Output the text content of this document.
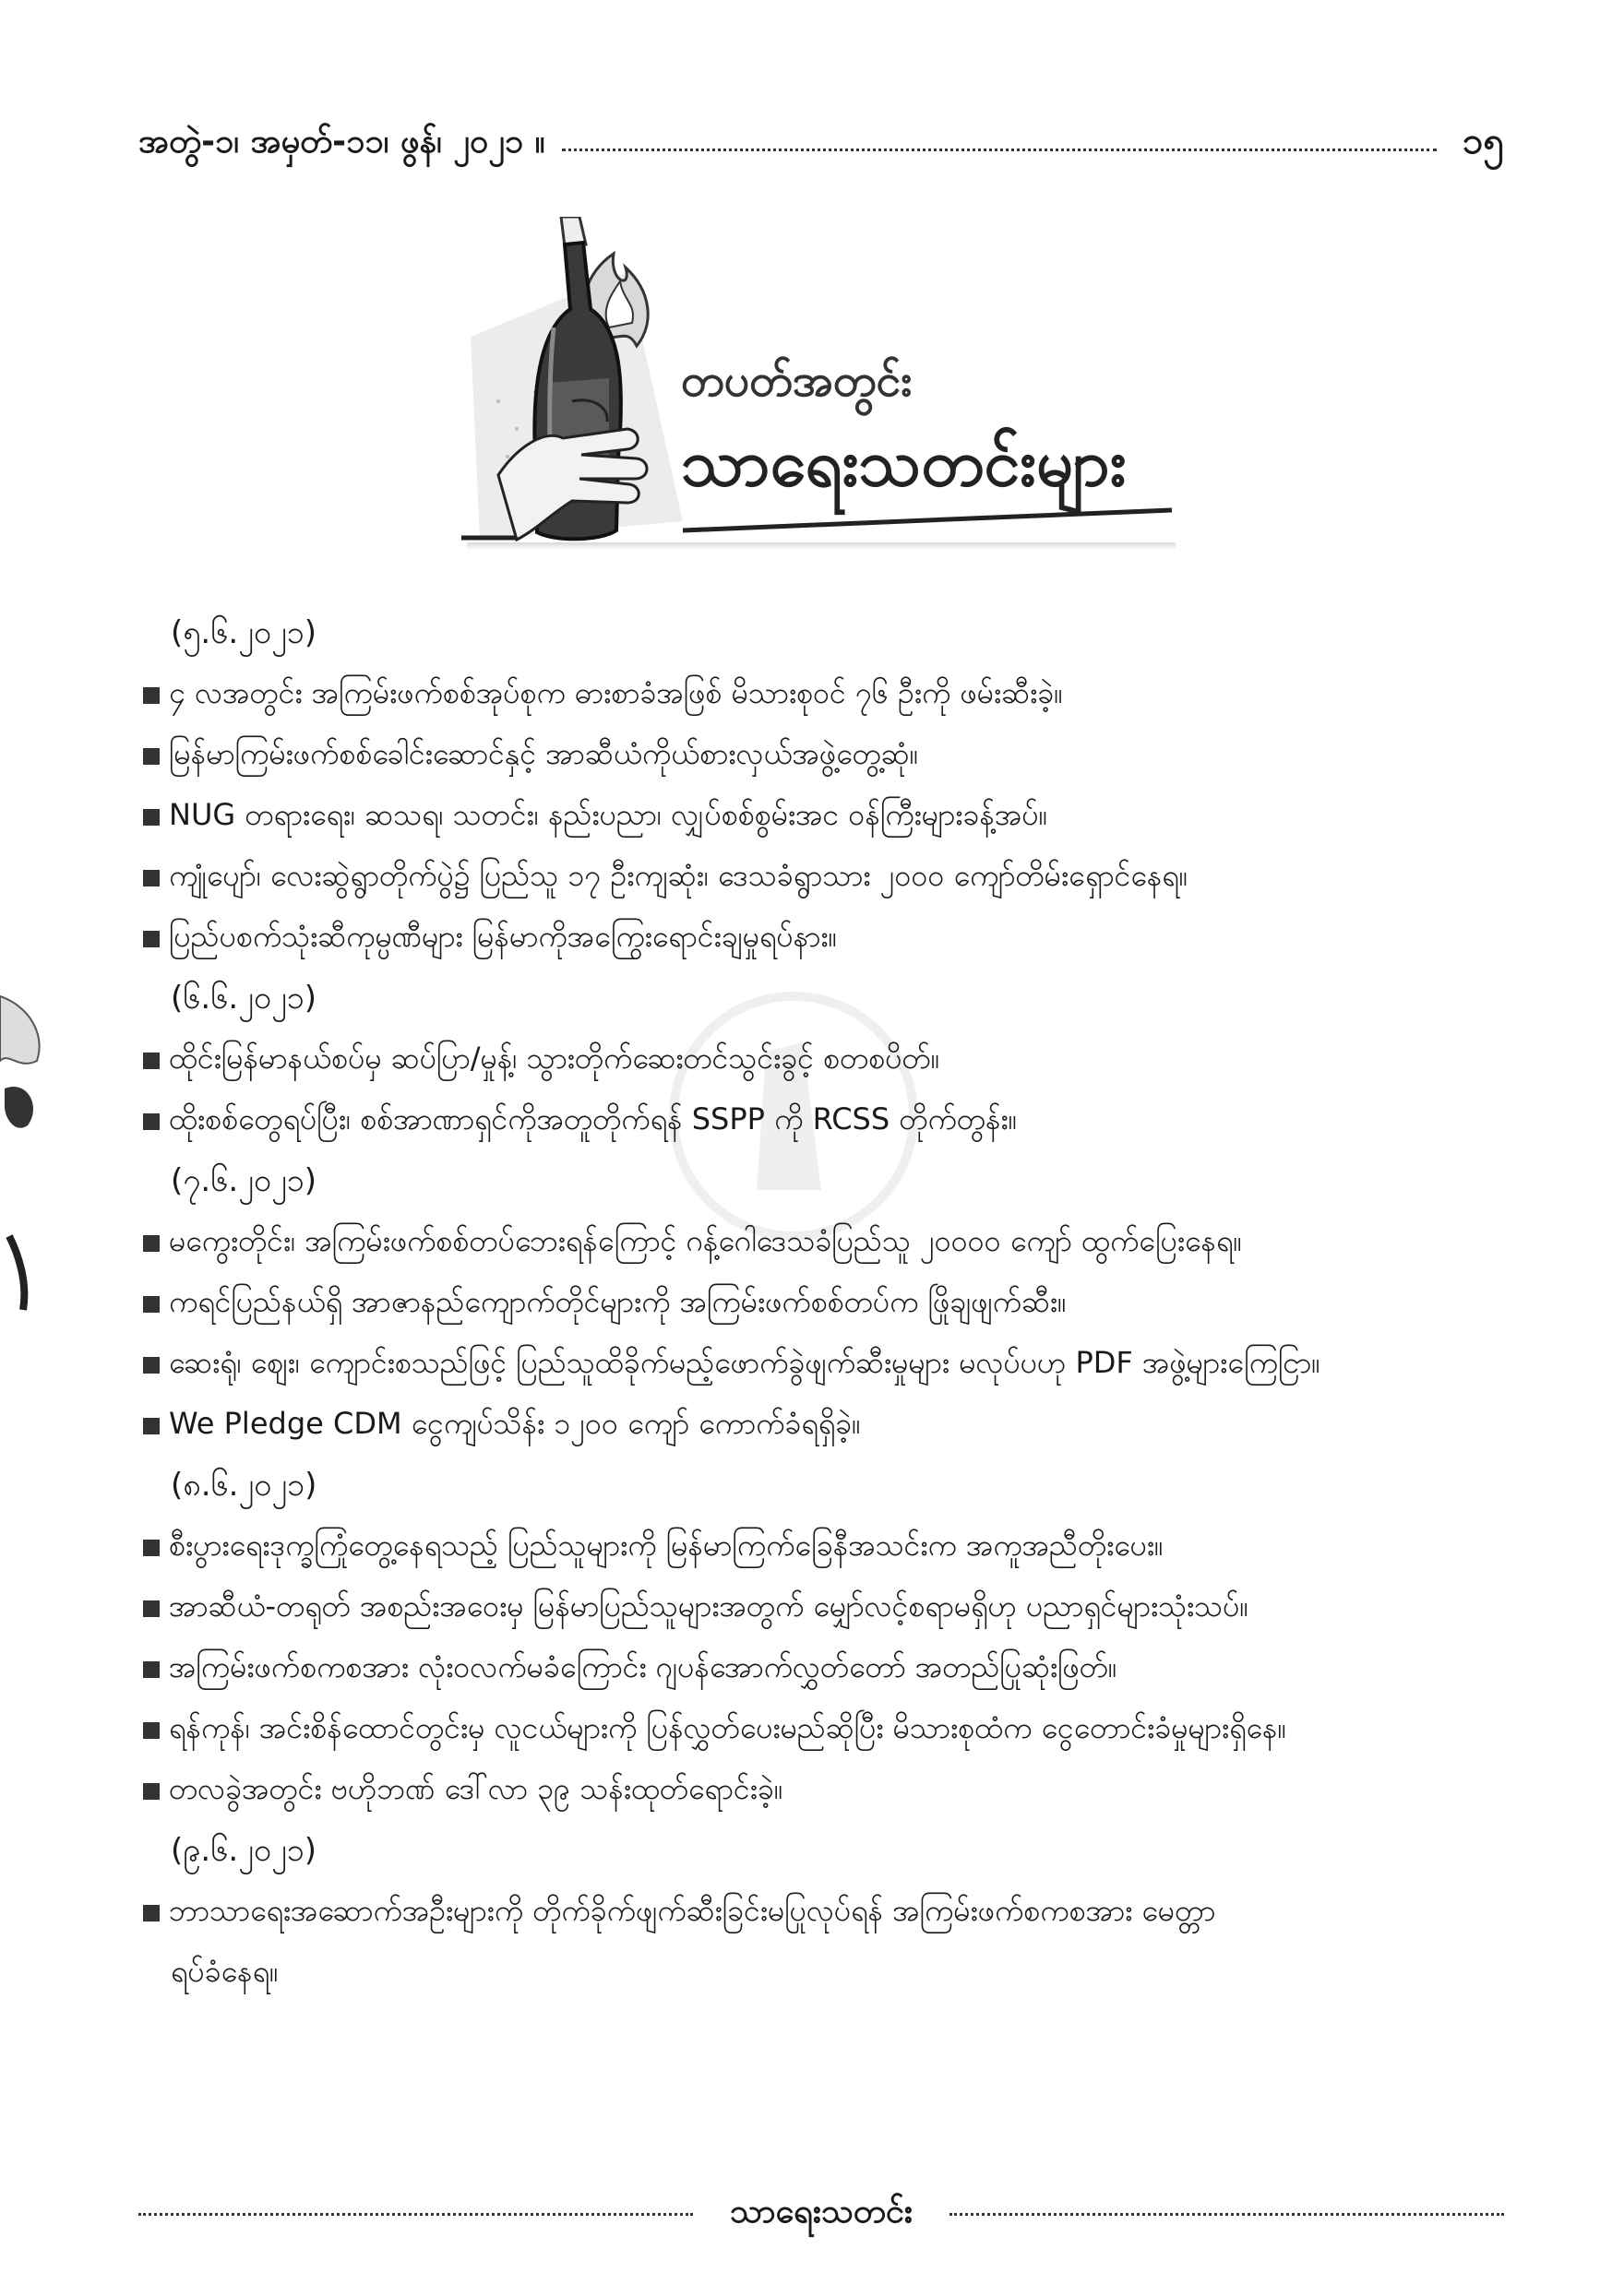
အတွဲ-၁၊ အမှတ်-၁၁၊ ဖွန်၊ ၂၀၂၁ ။	၁၅
တပတ်အတွင်း
သာရေးသတင်းများ
(၅.၆.၂၀၂၁)
၄ လအတွင်း အကြမ်းဖက်စစ်အုပ်စုက ဓားစာခံအဖြစ် မိသားစုဝင် ၇၆ ဦးကို ဖမ်းဆီးခဲ့။
မြန်မာကြမ်းဖက်စစ်ခေါင်းဆောင်နှင့် အာဆီယံကိုယ်စားလှယ်အဖွဲ့တွေ့ဆုံ။
NUG တရားရေး၊ ဆသရ၊ သတင်း၊ နည်းပညာ၊ လျှပ်စစ်စွမ်းအင ဝန်ကြီးများခန့်အပ်။
ကျုံပျော်၊ လေးဆွဲရွာတိုက်ပွဲ၌ ပြည်သူ ၁၇ ဦးကျဆုံး၊ ဒေသခံရွာသား ၂၀၀၀ ကျော်တိမ်းရှောင်နေရ။
ပြည်ပစက်သုံးဆီကုမ္ပဏီများ မြန်မာကိုအကြွေးရောင်းချမှုရပ်နား။
(၆.၆.၂၀၂၁)
ထိုင်းမြန်မာနယ်စပ်မှ ဆပ်ပြာ/မှုန့်၊ သွားတိုက်ဆေးတင်သွင်းခွင့် စတစပိတ်။
ထိုးစစ်တွေရပ်ပြီး၊ စစ်အာဏာရှင်ကိုအတူတိုက်ရန် SSPP ကို RCSS တိုက်တွန်း။
(၇.၆.၂၀၂၁)
မကွေးတိုင်း၊ အကြမ်းဖက်စစ်တပ်ဘေးရန်ကြောင့် ဂန့်ဂေါဒေသခံပြည်သူ ၂၀၀၀၀ ကျော် ထွက်ပြေးနေရ။
ကရင်ပြည်နယ်ရှိ အာဇာနည်ကျောက်တိုင်များကို အကြမ်းဖက်စစ်တပ်က ဖြိုချဖျက်ဆီး။
ဆေးရုံ၊ ဈေး၊ ကျောင်းစသည်ဖြင့် ပြည်သူထိခိုက်မည့်ဖောက်ခွဲဖျက်ဆီးမှုများ မလုပ်ပဟု PDF အဖွဲ့များကြေငြာ။
We Pledge CDM ငွေကျပ်သိန်း ၁၂၀၀ ကျော် ကောက်ခံရရှိခဲ့။
(၈.၆.၂၀၂၁)
စီးပွားရေးဒုက္ခကြုံတွေ့နေရသည့် ပြည်သူများကို မြန်မာကြက်ခြေနီအသင်းက အကူအညီတိုးပေး။
အာဆီယံ-တရုတ် အစည်းအဝေးမှ မြန်မာပြည်သူများအတွက် မျှော်လင့်စရာမရှိဟု ပညာရှင်များသုံးသပ်။
အကြမ်းဖက်စကစအား လုံးဝလက်မခံကြောင်း ဂျပန်အောက်လွှတ်တော် အတည်ပြုဆုံးဖြတ်။
ရန်ကုန်၊ အင်းစိန်ထောင်တွင်းမှ လူငယ်များကို ပြန်လွှတ်ပေးမည်ဆိုပြီး မိသားစုထံက ငွေတောင်းခံမှုများရှိနေ။
တလခွဲအတွင်း ဗဟိုဘဏ် ဒေါ်လာ ၃၉ သန်းထုတ်ရောင်းခဲ့။
(၉.၆.၂၀၂၁)
ဘာသာရေးအဆောက်အဦးများကို တိုက်ခိုက်ဖျက်ဆီးခြင်းမပြုလုပ်ရန် အကြမ်းဖက်စကစအား မေတ္တာ
ရပ်ခံနေရ။
သာရေးသတင်း
